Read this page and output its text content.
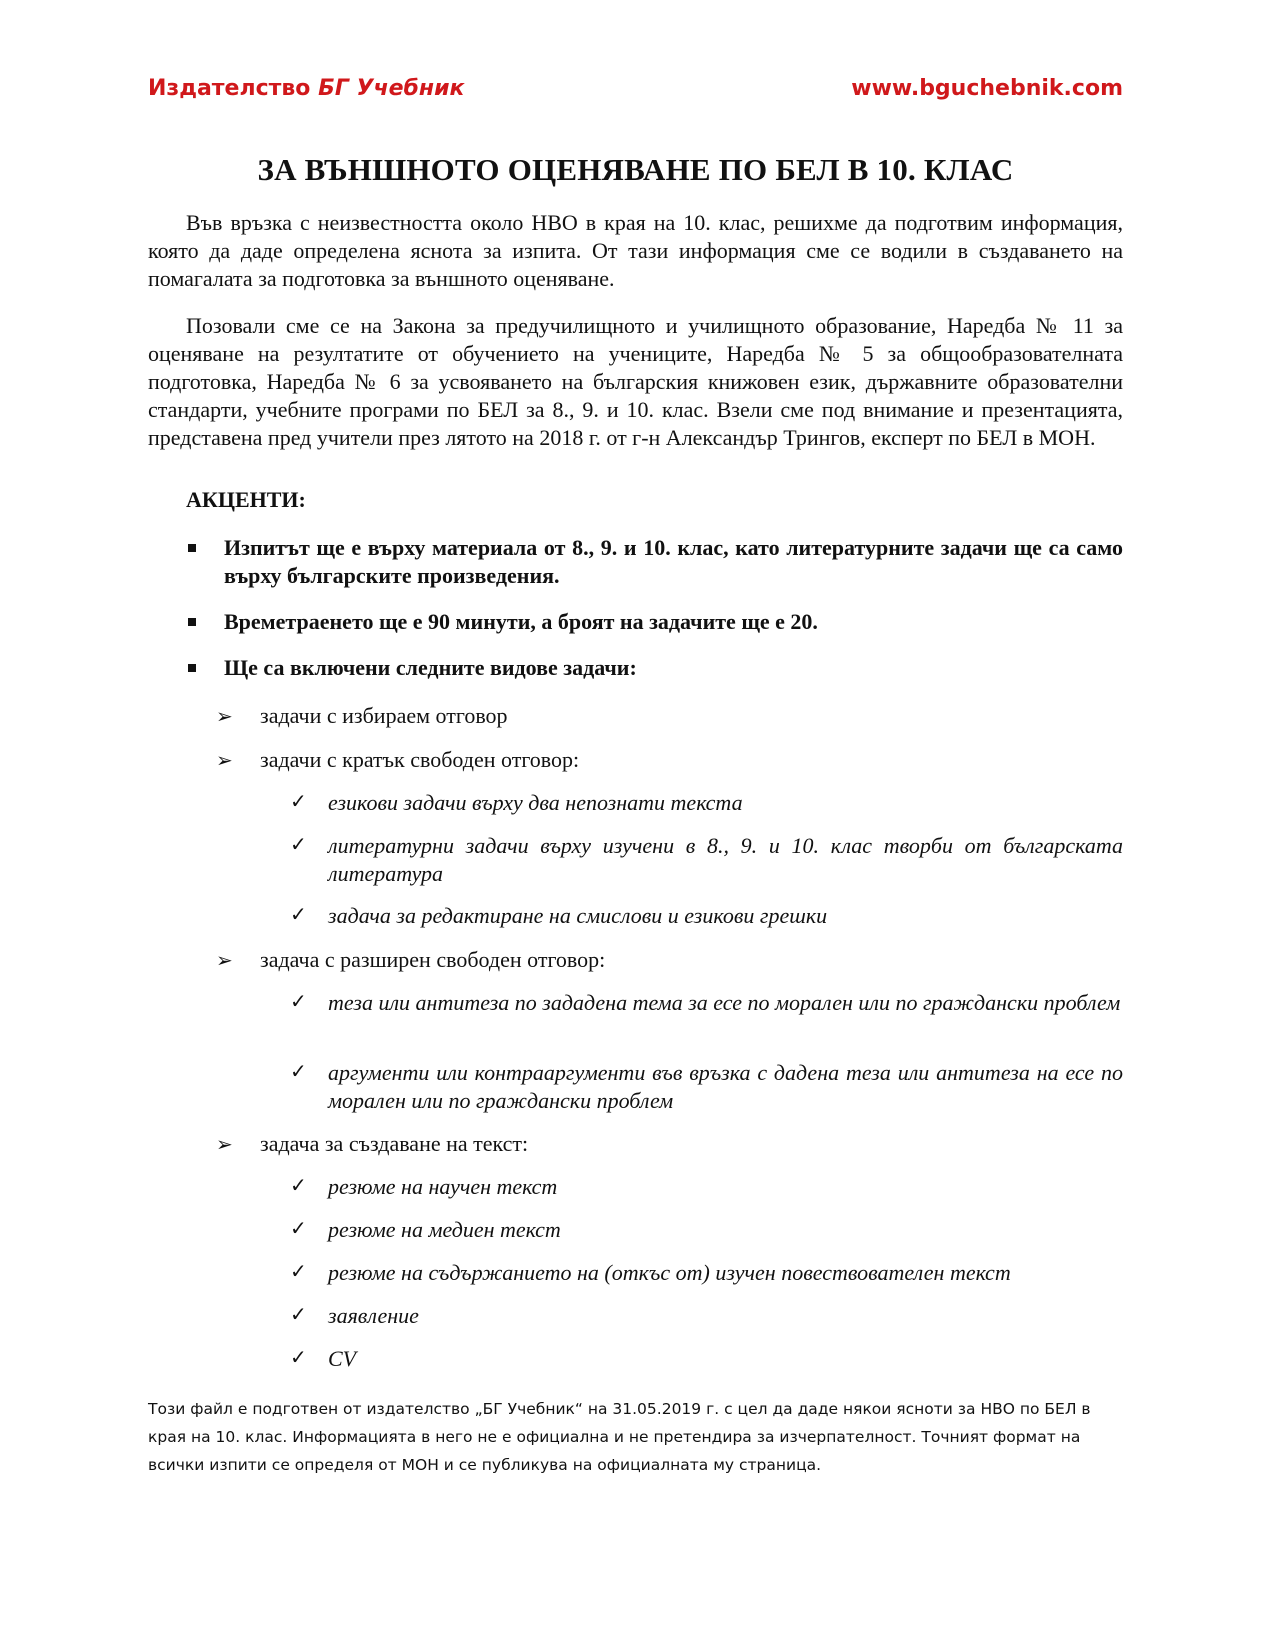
Издателство БГ Учебник	www.bguchebnik.com
ЗА ВЪНШНОТО ОЦЕНЯВАНЕ ПО БЕЛ В 10. КЛАС
Във връзка с неизвестността около НВО в края на 10. клас, решихме да подготвим информация, която да даде определена яснота за изпита. От тази информация сме се водили в създаването на помагалата за подготовка за външното оценяване.
Позовали сме се на Закона за предучилищното и училищното образование, Наредба № 11 за оценяване на резултатите от обучението на учениците, Наредба № 5 за общообразователната подготовка, Наредба № 6 за усвояването на българския книжовен език, държавните образователни стандарти, учебните програми по БЕЛ за 8., 9. и 10. клас. Взели сме под внимание и презентацията, представена пред учители през лятото на 2018 г. от г-н Александър Трингов, експерт по БЕЛ в МОН.
АКЦЕНТИ:
Изпитът ще е върху материала от 8., 9. и 10. клас, като литературните задачи ще са само върху българските произведения.
Времетраенето ще е 90 минути, а броят на задачите ще е 20.
Ще са включени следните видове задачи:
➢ задачи с избираем отговор
➢ задачи с кратък свободен отговор:
✓ езикови задачи върху два непознати текста
✓ литературни задачи върху изучени в 8., 9. и 10. клас творби от българската литература
✓ задача за редактиране на смислови и езикови грешки
➢ задача с разширен свободен отговор:
✓ теза или антитеза по зададена тема за есе по морален или по граждански проблем
✓ аргументи или контрааргументи във връзка с дадена теза или антитеза на есе по морален или по граждански проблем
➢ задача за създаване на текст:
✓ резюме на научен текст
✓ резюме на медиен текст
✓ резюме на съдържанието на (откъс от) изучен повествователен текст
✓ заявление
✓ CV
Този файл е подготвен от издателство „БГ Учебник“ на 31.05.2019 г. с цел да даде някои яснoти за НВО по БЕЛ в края на 10. клас. Информацията в него не е официална и не претендира за изчерпателност. Точният формат на всички изпити се определя от МОН и се публикува на официалната му страница.
